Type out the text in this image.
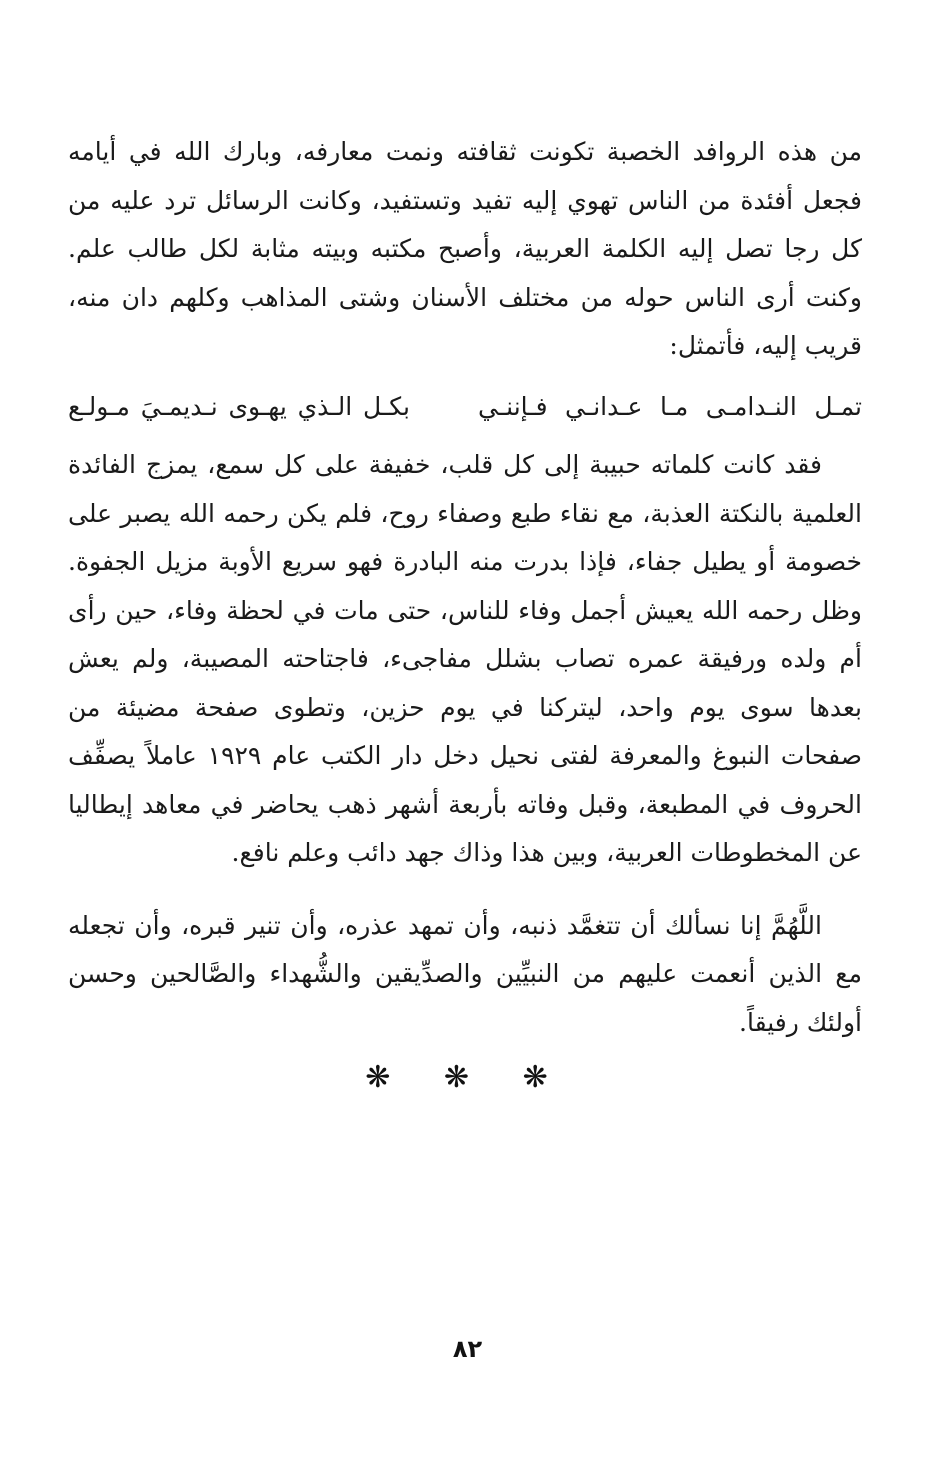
من هذه الروافد الخصبة تكونت ثقافته ونمت معارفه، وبارك الله في أيامه فجعل أفئدة من الناس تهوي إليه تفيد وتستفيد، وكانت الرسائل ترد عليه من كل رجا تصل إليه الكلمة العربية، وأصبح مكتبه وبيته مثابة لكل طالب علم. وكنت أرى الناس حوله من مختلف الأسنان وشتى المذاهب وكلهم دان منه، قريب إليه، فأتمثل:

تمـل النـدامـى مـا عـدانـي فـإننـي
بكـل الـذي يهـوى نـديمـيَ مـولـع

فقد كانت كلماته حبيبة إلى كل قلب، خفيفة على كل سمع، يمزج الفائدة العلمية بالنكتة العذبة، مع نقاء طبع وصفاء روح، فلم يكن رحمه الله يصبر على خصومة أو يطيل جفاء، فإذا بدرت منه البادرة فهو سريع الأوبة مزيل الجفوة. وظل رحمه الله يعيش أجمل وفاء للناس، حتى مات في لحظة وفاء، حين رأى أم ولده ورفيقة عمره تصاب بشلل مفاجىء، فاجتاحته المصيبة، ولم يعش بعدها سوى يوم واحد، ليتركنا في يوم حزين، وتطوى صفحة مضيئة من صفحات النبوغ والمعرفة لفتى نحيل دخل دار الكتب عام ١٩٢٩ عاملاً يصفِّف الحروف في المطبعة، وقبل وفاته بأربعة أشهر ذهب يحاضر في معاهد إيطاليا عن المخطوطات العربية، وبين هذا وذاك جهد دائب وعلم نافع.

اللَّهُمَّ إنا نسألك أن تتغمَّد ذنبه، وأن تمهد عذره، وأن تنير قبره، وأن تجعله مع الذين أنعمت عليهم من النبيِّين والصدِّيقين والشُّهداء والصَّالحين وحسن أولئك رفيقاً.

❋ ❋ ❋
٨٢
